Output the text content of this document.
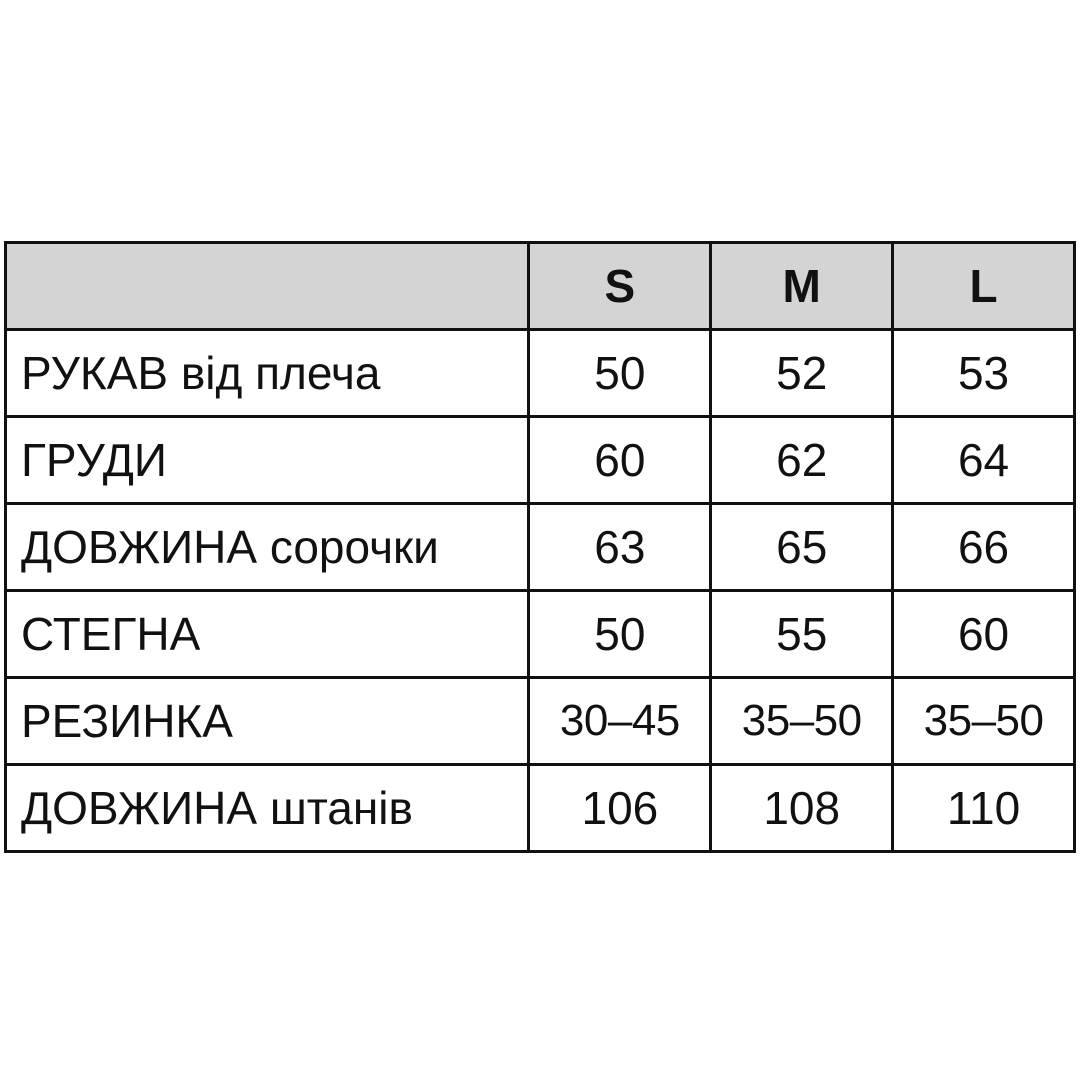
	S	M	L
РУКАВ від плеча	50	52	53
ГРУДИ	60	62	64
ДОВЖИНА сорочки	63	65	66
СТЕГНА	50	55	60
РЕЗИНКА	30–45	35–50	35–50
ДОВЖИНА штанів	106	108	110
